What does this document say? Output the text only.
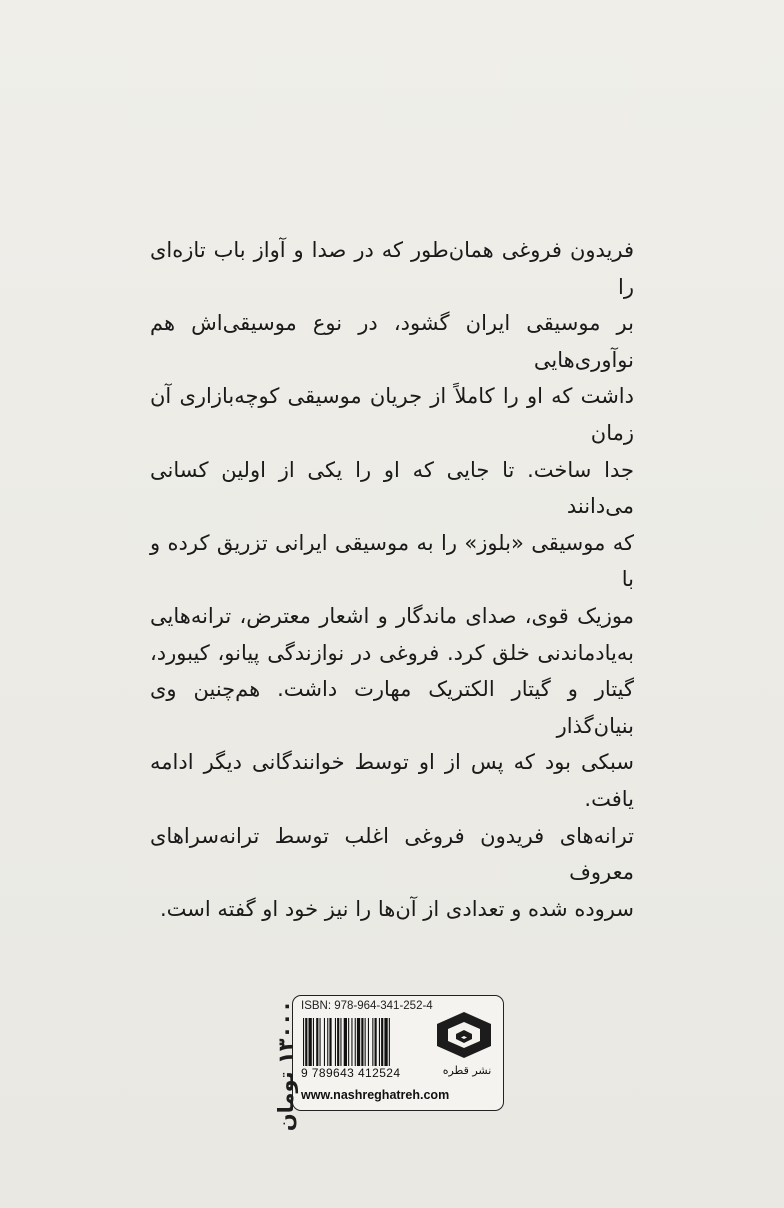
فریدون فروغی همان‌طور که در صدا و آواز باب تازه‌ای را

بر موسیقی ایران گشود، در نوع موسیقی‌اش هم نوآوری‌هایی

داشت که او را کاملاً از جریان موسیقی کوچه‌بازاری آن زمان

جدا ساخت. تا جایی که او را یکی از اولین کسانی می‌دانند

که موسیقی «بلوز» را به موسیقی ایرانی تزریق کرده و با

موزیک قوی، صدای ماندگار و اشعار معترض، ترانه‌هایی

به‌یادماندنی خلق کرد. فروغی در نوازندگی پیانو، کیبورد،

گیتار و گیتار الکتریک مهارت داشت. هم‌چنین وی بنیان‌گذار

سبکی بود که پس از او توسط خوانندگانی دیگر ادامه یافت.

ترانه‌های فریدون فروغی اغلب توسط ترانه‌سراهای معروف

سروده شده و تعدادی از آن‌ها را نیز خود او گفته است.

ISBN: 978-964-341-252-4
9 789643 412524	نشر قطره
www.nashreghatreh.com
۱۳۰۰۰ تومان
